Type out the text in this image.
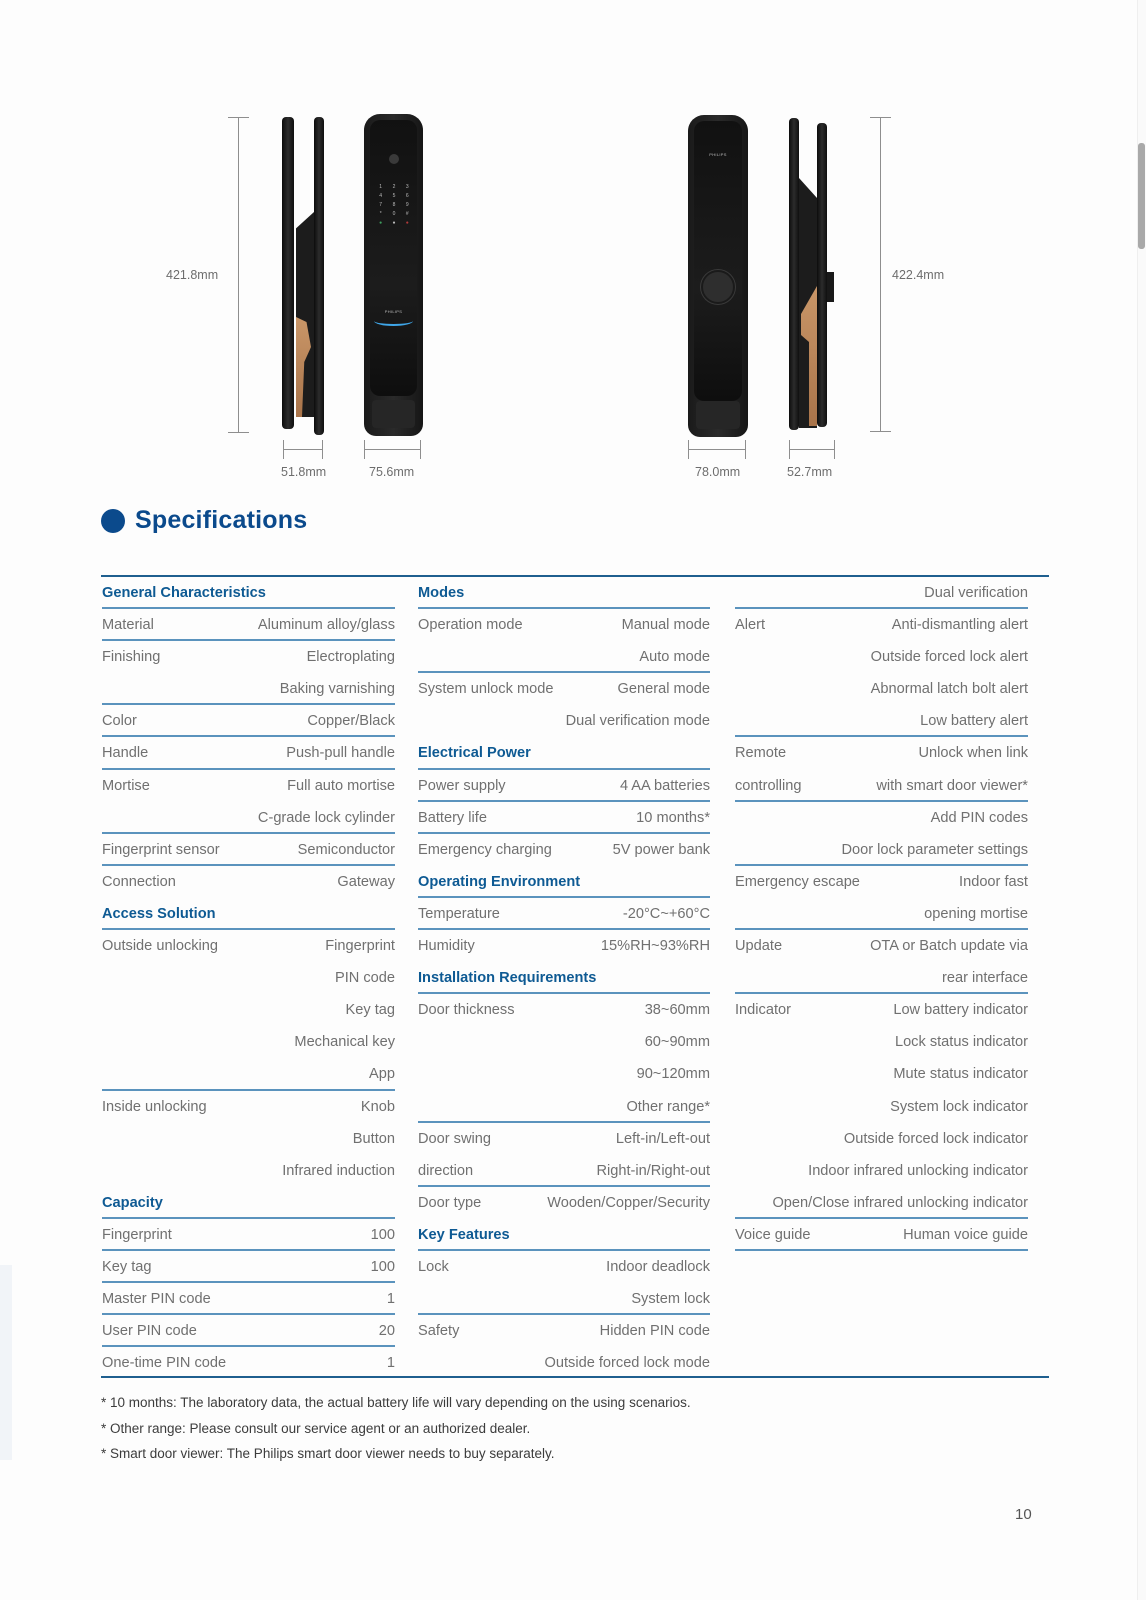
421.8mm
1	2	3
4	5	6
7	8	9
*	0	#
●	●	●
PHILIPS
51.8mm	75.6mm
PHILIPS
422.4mm
78.0mm	52.7mm
Specifications
General Characteristics
Material	Aluminum alloy/glass
Finishing	Electroplating
Baking varnishing
Color	Copper/Black
Handle	Push-pull handle
Mortise	Full auto mortise
C-grade lock cylinder
Fingerprint sensor	Semiconductor
Connection	Gateway
Access Solution
Outside unlocking	Fingerprint
PIN code
Key tag
Mechanical key
App
Inside unlocking	Knob
Button
Infrared induction
Capacity
Fingerprint	100
Key tag	100
Master PIN code	1
User PIN code	20
One-time PIN code	1
Modes
Operation mode	Manual mode
Auto mode
System unlock mode	General mode
Dual verification mode
Electrical Power
Power supply	4 AA batteries
Battery life	10 months*
Emergency charging	5V power bank
Operating Environment
Temperature	-20°C~+60°C
Humidity	15%RH~93%RH
Installation Requirements
Door thickness	38~60mm
60~90mm
90~120mm
Other range*
Door swing	Left-in/Left-out
direction	Right-in/Right-out
Door type	Wooden/Copper/Security
Key Features
Lock	Indoor deadlock
System lock
Safety	Hidden PIN code
Outside forced lock mode
Dual verification
Alert	Anti-dismantling alert
Outside forced lock alert
Abnormal latch bolt alert
Low battery alert
Remote	Unlock when link
controlling	with smart door viewer*
Add PIN codes
Door lock parameter settings
Emergency escape	Indoor fast
opening mortise
Update	OTA or Batch update via
rear interface
Indicator	Low battery indicator
Lock status indicator
Mute status indicator
System lock indicator
Outside forced lock indicator
Indoor infrared unlocking indicator
Open/Close infrared unlocking indicator
Voice guide	Human voice guide
* 10 months: The laboratory data, the actual battery life will vary depending on the using scenarios.
* Other range: Please consult our service agent or an authorized dealer.
* Smart door viewer: The Philips smart door viewer needs to buy separately.
10
